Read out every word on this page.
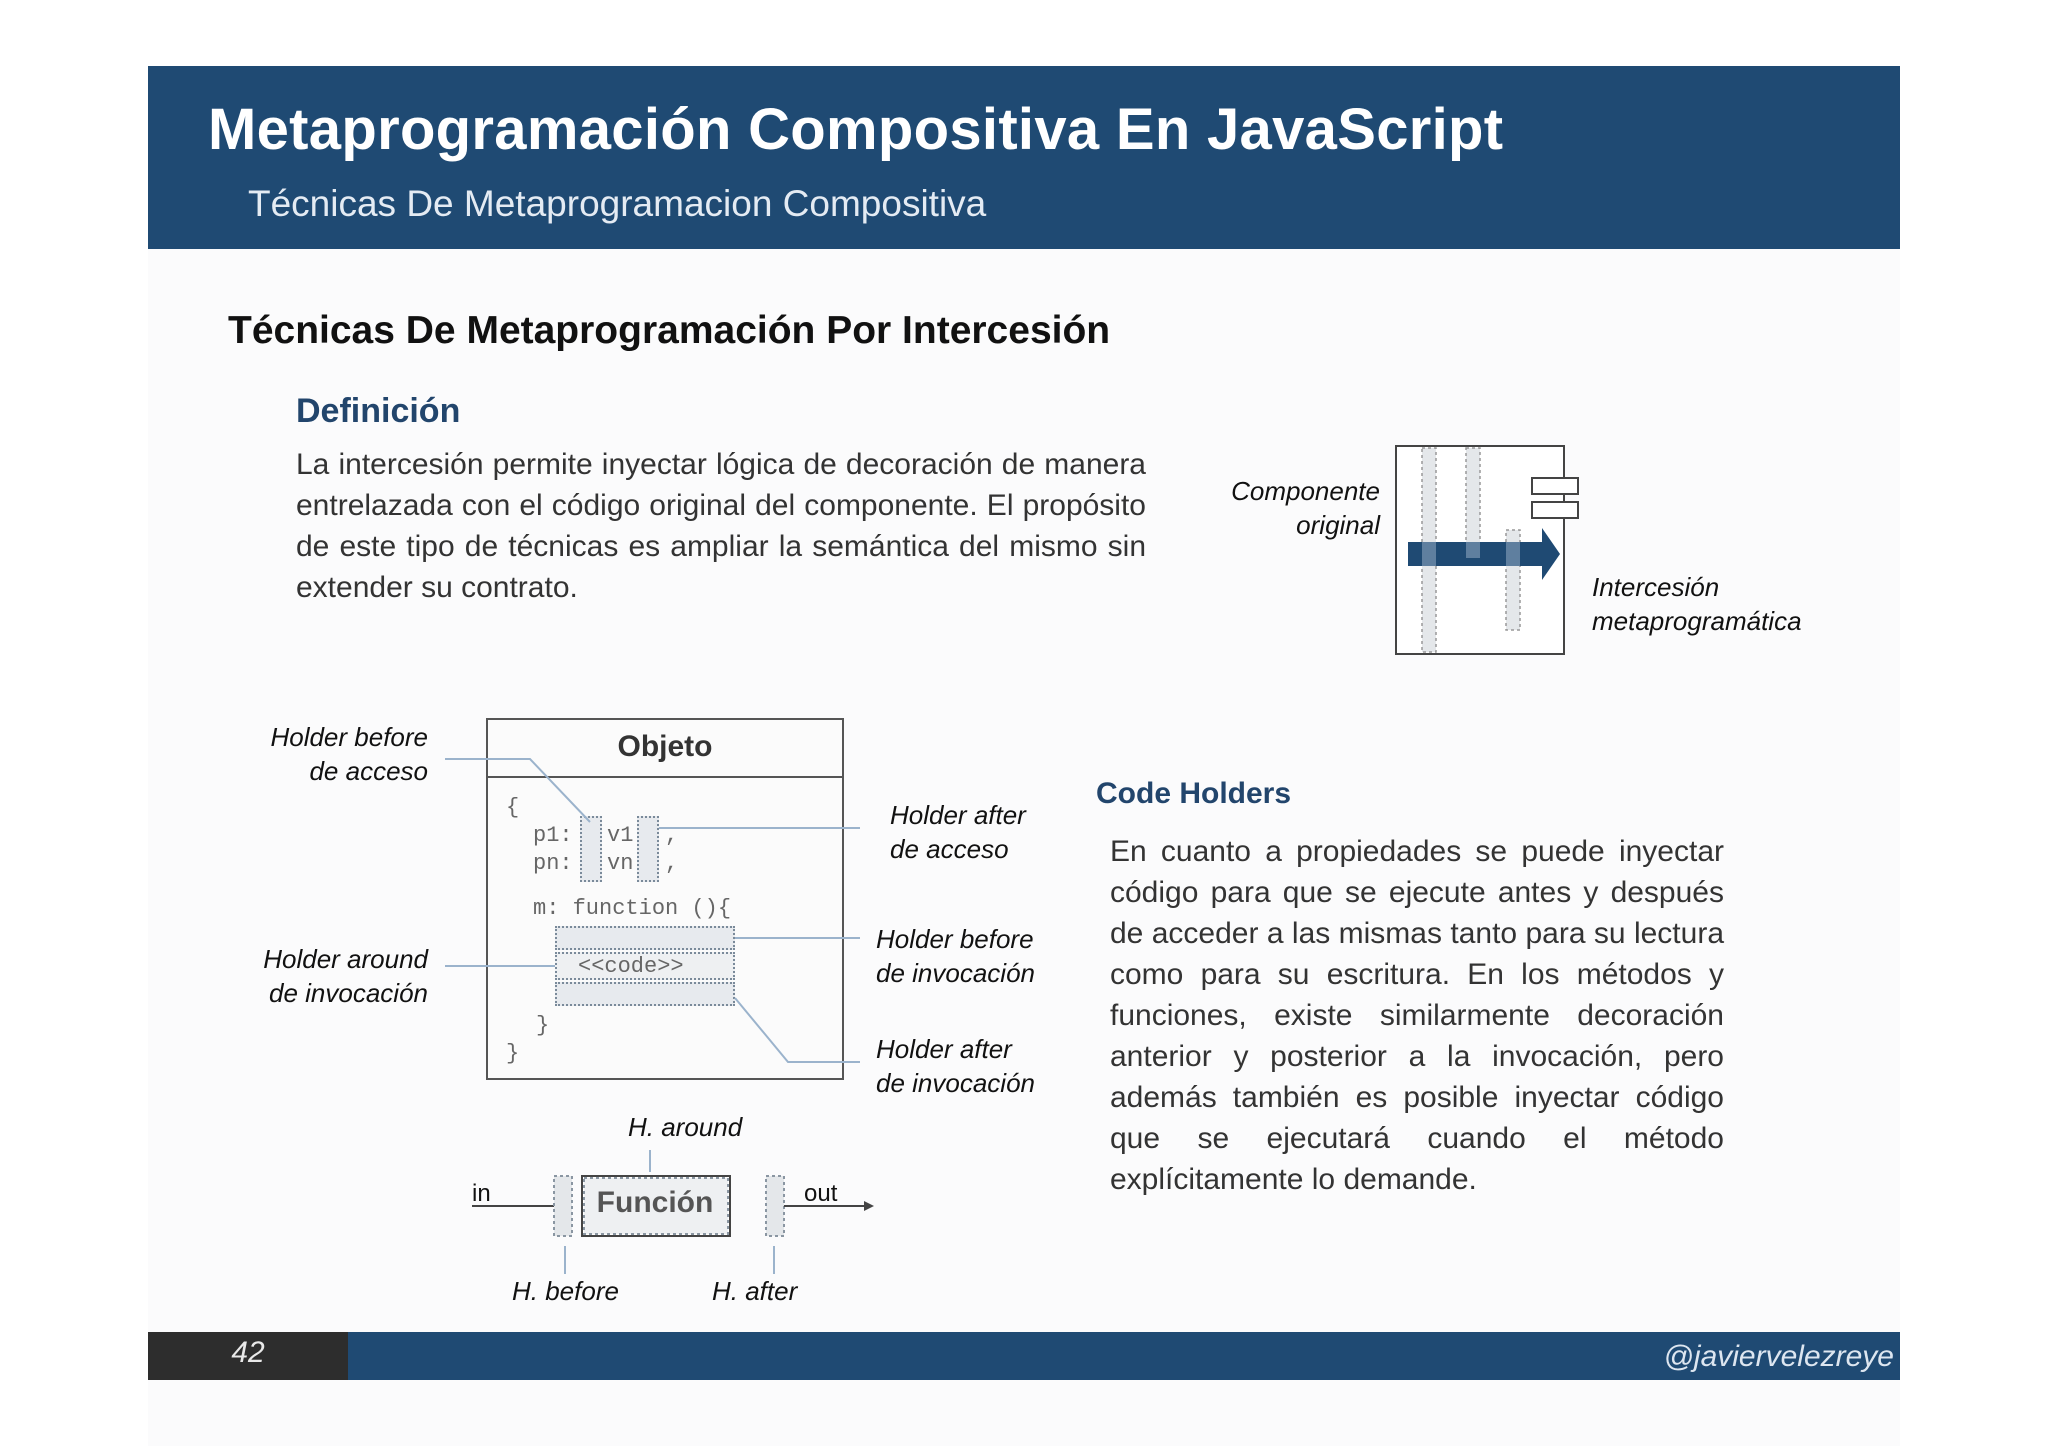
Metaprogramación Compositiva En JavaScript
Técnicas De Metaprogramacion Compositiva
Técnicas De Metaprogramación Por Intercesión
Definición
La intercesión permite inyectar lógica de decoración de manera entrelazada con el código original del componente. El propósito de este tipo de técnicas es ampliar la semántica del mismo sin extender su contrato.
Componente
original
Intercesión
metaprogramática
Objeto
{
p1: v1 ,
pn: vn ,
m: function (){
<<code>>
}
}
Holder before
de acceso
Holder after
de acceso
Holder around
de invocación
Holder before
de invocación
Holder after
de invocación
Función
in	out
H. around
H. before	H. after
Code Holders
En cuanto a propiedades se puede inyectar código para que se ejecute antes y después de acceder a las mismas tanto para su lectura como para su escritura. En los métodos y funciones, existe similarmente decoración anterior y posterior a la invocación, pero además también es posible inyectar código que se ejecutará cuando el método explícitamente lo demande.
42	@javiervelezreye
